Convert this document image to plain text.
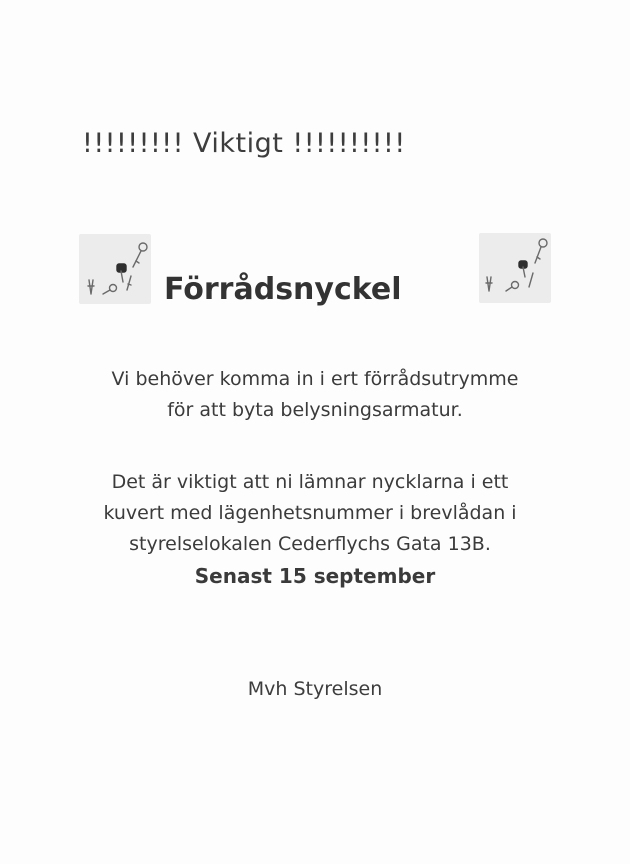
!!!!!!!!! Viktigt !!!!!!!!!!
Förrådsnyckel
Vi behöver komma in i ert förrådsutrymme
för att byta belysningsarmatur.
Det är viktigt att ni lämnar nycklarna i ett
kuvert med lägenhetsnummer i brevlådan i
styrelselokalen Cederflychs Gata 13B.
Senast 15 september
Mvh Styrelsen
